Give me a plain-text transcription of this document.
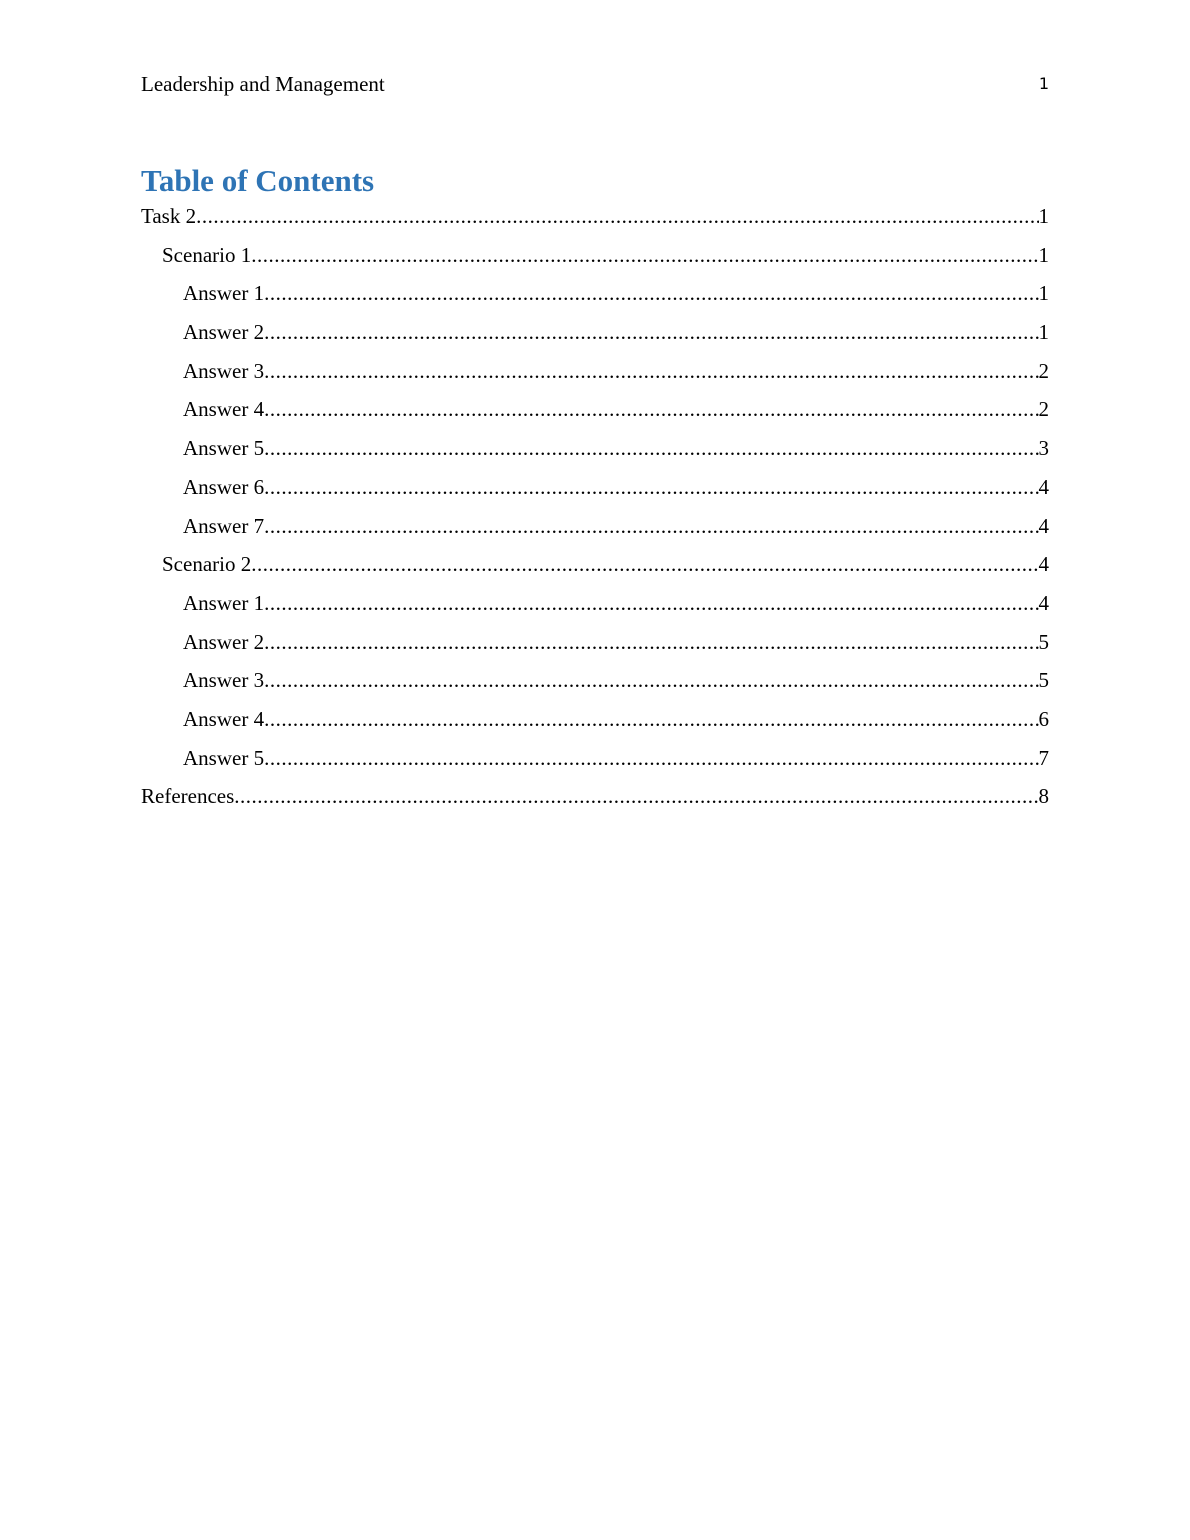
Leadership and Management	1
Table of Contents
Task 2 .....	1
Scenario 1 .....	1
Answer 1 .....	1
Answer 2 .....	1
Answer 3 .....	2
Answer 4 .....	2
Answer 5 .....	3
Answer 6 .....	4
Answer 7 .....	4
Scenario 2 .....	4
Answer 1 .....	4
Answer 2 .....	5
Answer 3 .....	5
Answer 4 .....	6
Answer 5 .....	7
References .....	8
